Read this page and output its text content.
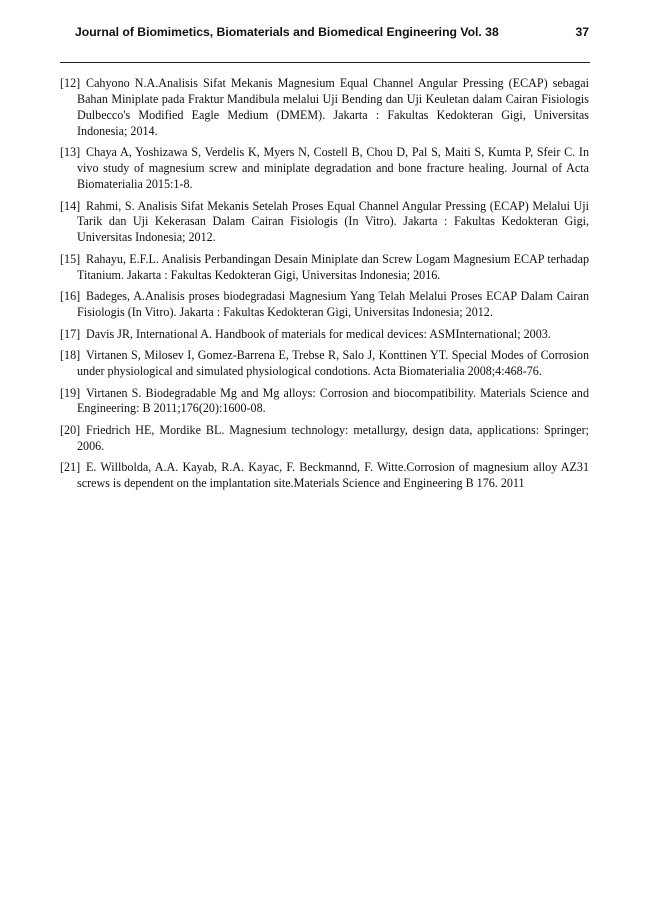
Journal of Biomimetics, Biomaterials and Biomedical Engineering Vol. 38	37
[12] Cahyono N.A.Analisis Sifat Mekanis Magnesium Equal Channel Angular Pressing (ECAP) sebagai Bahan Miniplate pada Fraktur Mandibula melalui Uji Bending dan Uji Keuletan dalam Cairan Fisiologis Dulbecco's Modified Eagle Medium (DMEM). Jakarta : Fakultas Kedokteran Gigi, Universitas Indonesia; 2014.
[13] Chaya A, Yoshizawa S, Verdelis K, Myers N, Costell B, Chou D, Pal S, Maiti S, Kumta P, Sfeir C. In vivo study of magnesium screw and miniplate degradation and bone fracture healing. Journal of Acta Biomaterialia 2015:1-8.
[14] Rahmi, S. Analisis Sifat Mekanis Setelah Proses Equal Channel Angular Pressing (ECAP) Melalui Uji Tarik dan Uji Kekerasan Dalam Cairan Fisiologis (In Vitro). Jakarta : Fakultas Kedokteran Gigi, Universitas Indonesia; 2012.
[15] Rahayu, E.F.L. Analisis Perbandingan Desain Miniplate dan Screw Logam Magnesium ECAP terhadap Titanium. Jakarta : Fakultas Kedokteran Gigi, Universitas Indonesia; 2016.
[16] Badeges, A.Analisis proses biodegradasi Magnesium Yang Telah Melalui Proses ECAP Dalam Cairan Fisiologis (In Vitro). Jakarta : Fakultas Kedokteran Gigi, Universitas Indonesia; 2012.
[17] Davis JR, International A. Handbook of materials for medical devices: ASMInternational; 2003.
[18] Virtanen S, Milosev I, Gomez-Barrena E, Trebse R, Salo J, Konttinen YT. Special Modes of Corrosion under physiological and simulated physiological condotions. Acta Biomaterialia 2008;4:468-76.
[19] Virtanen S. Biodegradable Mg and Mg alloys: Corrosion and biocompatibility. Materials Science and Engineering: B 2011;176(20):1600-08.
[20] Friedrich HE, Mordike BL. Magnesium technology: metallurgy, design data, applications: Springer; 2006.
[21] E. Willbolda, A.A. Kayab, R.A. Kayac, F. Beckmannd, F. Witte.Corrosion of magnesium alloy AZ31 screws is dependent on the implantation site.Materials Science and Engineering B 176. 2011
